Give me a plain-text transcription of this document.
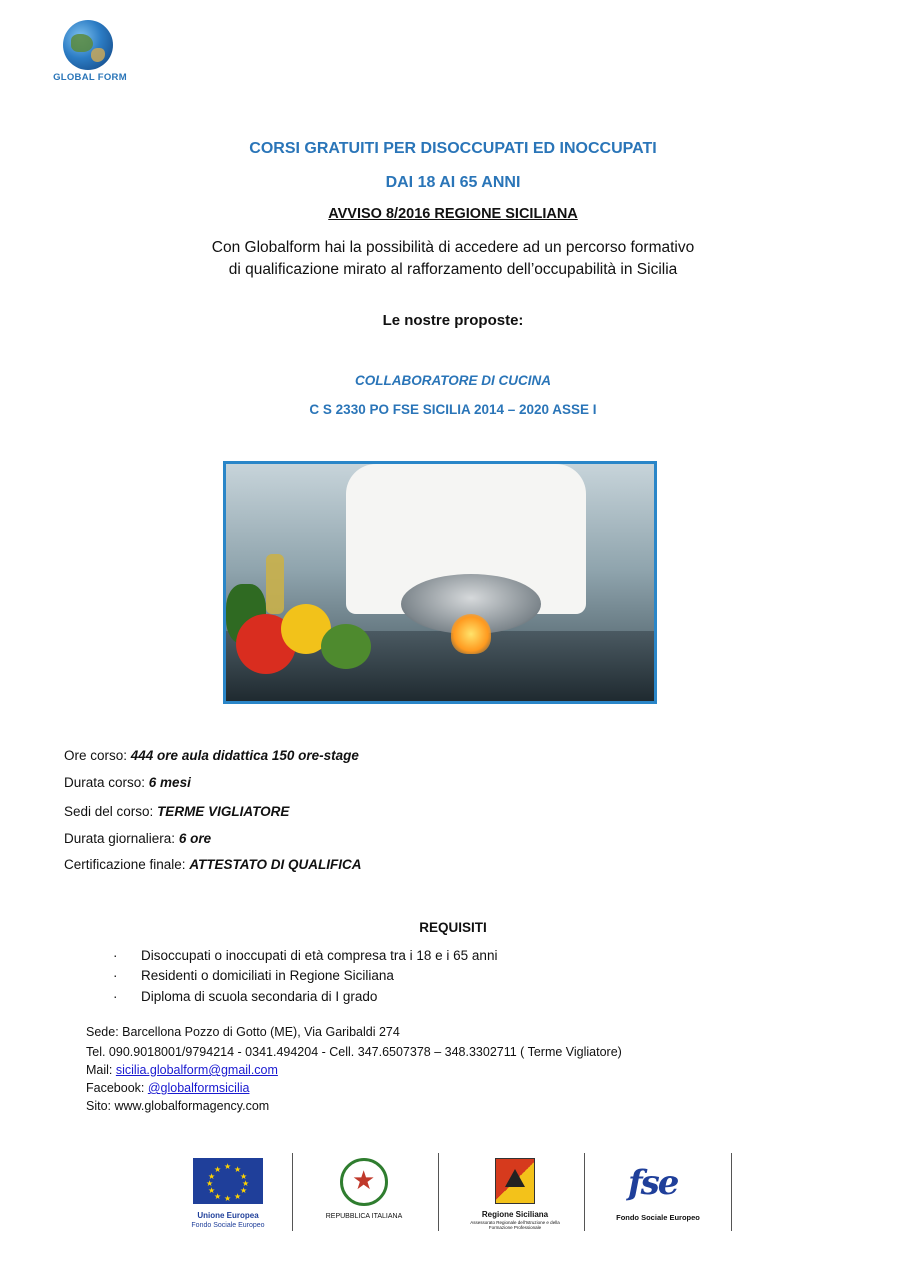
GLOBAL FORM
CORSI GRATUITI PER DISOCCUPATI ED INOCCUPATI
DAI 18 AI 65 ANNI
AVVISO 8/2016 REGIONE SICILIANA
Con Globalform hai la possibilità di accedere ad un percorso formativo
di qualificazione mirato al rafforzamento dell’occupabilità in Sicilia
Le nostre proposte:
COLLABORATORE DI CUCINA
C S 2330 PO FSE SICILIA 2014 – 2020 ASSE I
Ore corso: 444 ore aula didattica 150 ore-stage
Durata corso: 6 mesi
Sedi del corso: TERME VIGLIATORE
Durata giornaliera: 6 ore
Certificazione finale: ATTESTATO DI QUALIFICA
REQUISITI
· Disoccupati o inoccupati di età compresa tra i 18 e i 65 anni
· Residenti o domiciliati in Regione Siciliana
· Diploma di scuola secondaria di I grado
Sede: Barcellona Pozzo di Gotto (ME), Via Garibaldi 274
Tel. 090.9018001/9794214 - 0341.494204 - Cell. 347.6507378 – 348.3302711 ( Terme Vigliatore)
Mail: sicilia.globalform@gmail.com
Facebook: @globalformsicilia
Sito: www.globalformagency.com
★ ★
★
★
★
★
★
★
★
★
★
★
Unione Europea
Fondo Sociale Europeo
★
REPUBBLICA ITALIANA	Regione Siciliana
Assessorato Regionale dell'Istruzione e della Formazione Professionale
fse
Fondo Sociale Europeo
